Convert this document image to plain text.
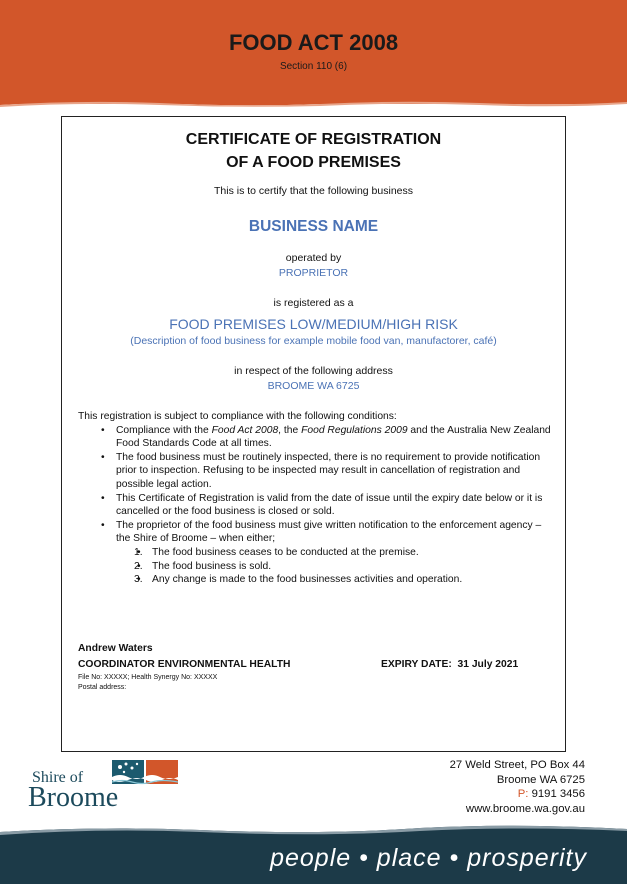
FOOD ACT 2008
Section 110 (6)
CERTIFICATE OF REGISTRATION
OF A FOOD PREMISES
This is to certify that the following business
BUSINESS NAME
operated by
PROPRIETOR
is registered as a
FOOD PREMISES LOW/MEDIUM/HIGH RISK
(Description of food business for example mobile food van, manufactorer, café)
in respect of the following address
BROOME WA 6725
This registration is subject to compliance with the following conditions:
• Compliance with the Food Act 2008, the Food Regulations 2009 and the Australia New Zealand Food Standards Code at all times.
• The food business must be routinely inspected, there is no requirement to provide notification prior to inspection. Refusing to be inspected may result in cancellation of registration and possible legal action.
• This Certificate of Registration is valid from the date of issue until the expiry date below or it is cancelled or the food business is closed or sold.
• The proprietor of the food business must give written notification to the enforcement agency – the Shire of Broome – when either;
• 1. The food business ceases to be conducted at the premise.
• 2. The food business is sold.
• 3. Any change is made to the food businesses activities and operation.
Andrew Waters
COORDINATOR ENVIRONMENTAL HEALTH	EXPIRY DATE: 31 July 2021
File No: XXXXX; Health Synergy No: XXXXX
Postal address:
Shire of
Broome
27 Weld Street, PO Box 44
Broome WA 6725
P: 9191 3456
www.broome.wa.gov.au
people • place • prosperity
